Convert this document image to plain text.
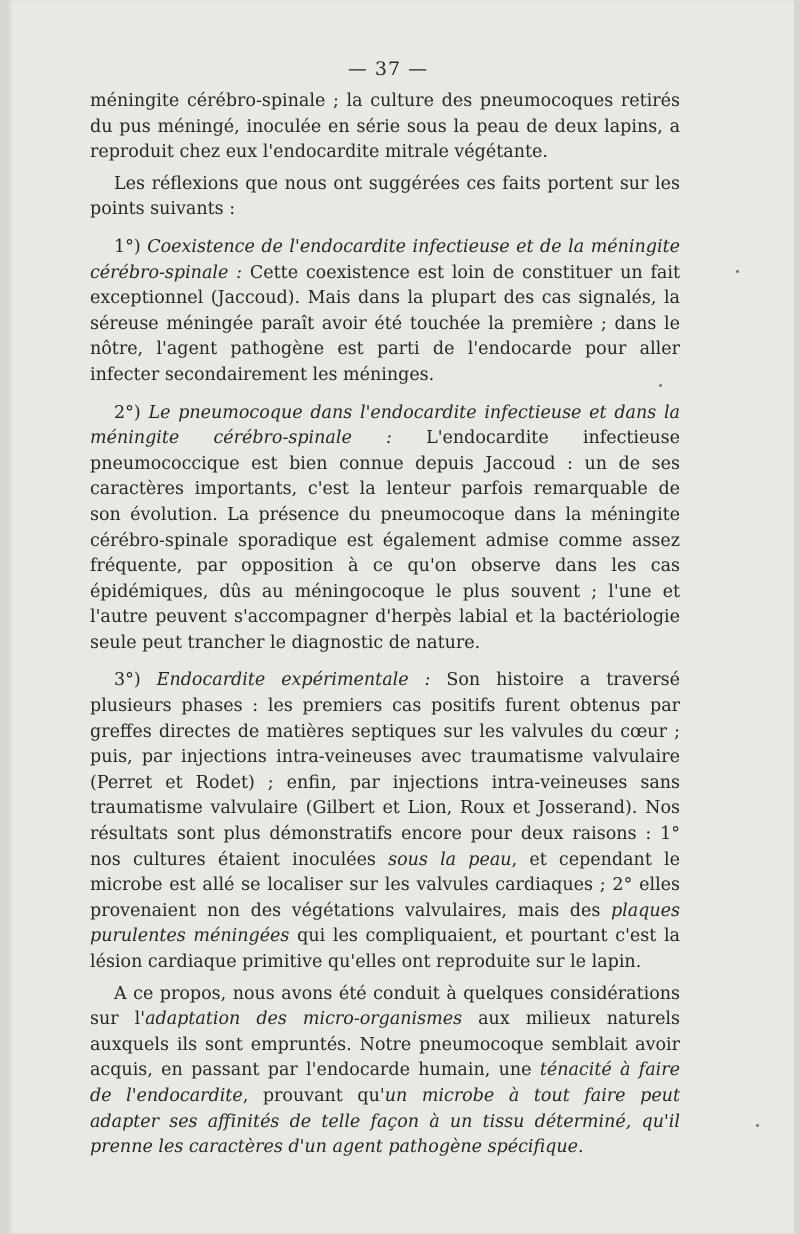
— 37 —

méningite cérébro-spinale ; la culture des pneumocoques retirés du pus méningé, inoculée en série sous la peau de deux lapins, a reproduit chez eux l'endocardite mitrale végétante.

Les réflexions que nous ont suggérées ces faits portent sur les points suivants :

1°) Coexistence de l'endocardite infectieuse et de la méningite cérébro-spinale : Cette coexistence est loin de constituer un fait exceptionnel (Jaccoud). Mais dans la plupart des cas signalés, la séreuse méningée paraît avoir été touchée la première ; dans le nôtre, l'agent pathogène est parti de l'endocarde pour aller infecter secondairement les méninges.

2°) Le pneumocoque dans l'endocardite infectieuse et dans la méningite cérébro-spinale : L'endocardite infectieuse pneumococcique est bien connue depuis Jaccoud : un de ses caractères importants, c'est la lenteur parfois remarquable de son évolution. La présence du pneumocoque dans la méningite cérébro-spinale sporadique est également admise comme assez fréquente, par opposition à ce qu'on observe dans les cas épidémiques, dûs au méningocoque le plus souvent ; l'une et l'autre peuvent s'accompagner d'herpès labial et la bactériologie seule peut trancher le diagnostic de nature.

3°) Endocardite expérimentale : Son histoire a traversé plusieurs phases : les premiers cas positifs furent obtenus par greffes directes de matières septiques sur les valvules du cœur ; puis, par injections intra-veineuses avec traumatisme valvulaire (Perret et Rodet) ; enfin, par injections intra-veineuses sans traumatisme valvulaire (Gilbert et Lion, Roux et Josserand). Nos résultats sont plus démonstratifs encore pour deux raisons : 1° nos cultures étaient inoculées sous la peau, et cependant le microbe est allé se localiser sur les valvules cardiaques ; 2° elles provenaient non des végétations valvulaires, mais des plaques purulentes méningées qui les compliquaient, et pourtant c'est la lésion cardiaque primitive qu'elles ont reproduite sur le lapin.

A ce propos, nous avons été conduit à quelques considérations sur l'adaptation des micro-organismes aux milieux naturels auxquels ils sont empruntés. Notre pneumocoque semblait avoir acquis, en passant par l'endocarde humain, une ténacité à faire de l'endocardite, prouvant qu'un microbe à tout faire peut adapter ses affinités de telle façon à un tissu déterminé, qu'il prenne les caractères d'un agent pathogène spécifique.
